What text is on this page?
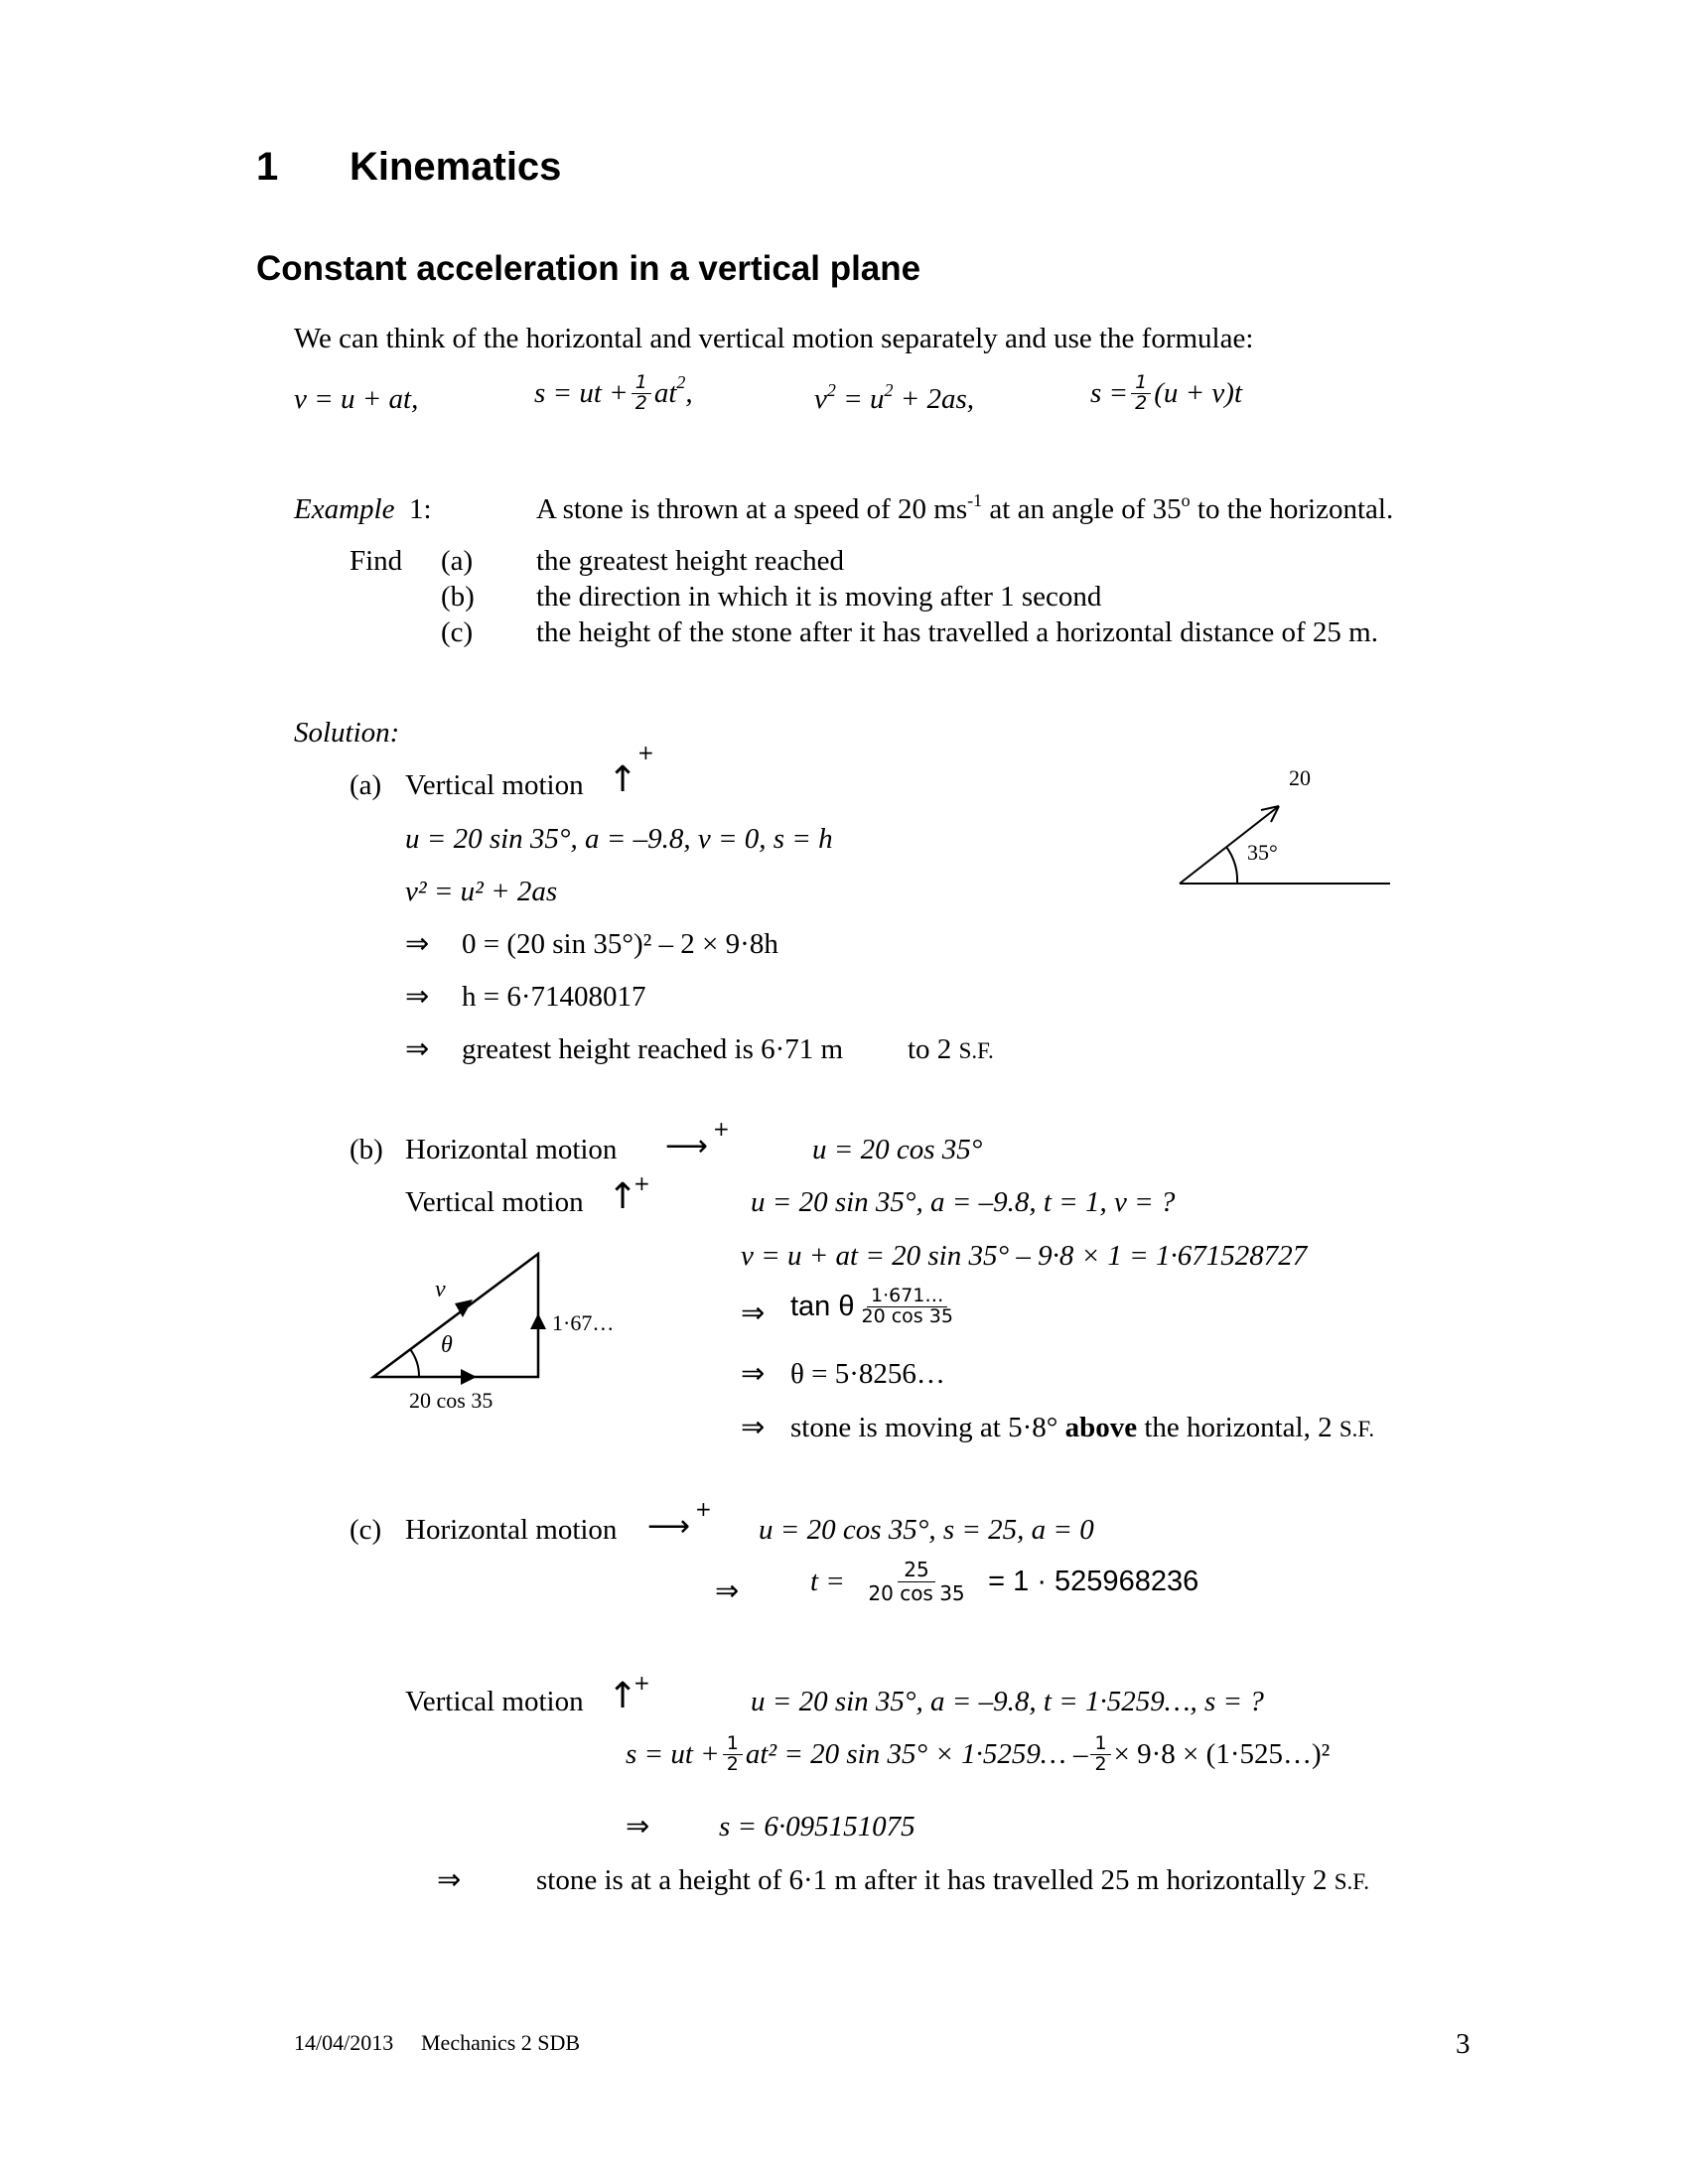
1 Kinematics
Constant acceleration in a vertical plane
We can think of the horizontal and vertical motion separately and use the formulae:
v = u + at,	s = ut + $\frac{1}{2} at^2$,	$v^2 = u^2 + 2as$,	$s = \frac{1}{2} (u + v)t$
Example 1:	A stone is thrown at a speed of 20 $ms^{-1}$ at an angle of 35$^o$ to the horizontal.
Find (a) the greatest height reached
(b) the direction in which it is moving after 1 second
(c) the height of the stone after it has travelled a horizontal distance of 25 m.
Solution:
(a) Vertical motion ↑
+
u = 20 sin 35°, a = –9.8, v = 0, s = h
v² = u² + 2as
⇒ 0 = (20 sin 35°)² – 2 × 9·8h
⇒ h = 6·71408017
⇒ greatest height reached is 6·71 m to 2 S.F.
20
35°
(b) Horizontal motion ⟶ +
u = 20 cos 35°
Vertical motion ↑
+
u = 20 sin 35°, a = –9.8, t = 1, v = ?
v = u + at = 20 sin 35° – 9·8 × 1 = 1·671528727
⇒ tan θ $\frac{1\cdot 671\dots}{20 \cos 35}$
⇒ θ = 5·8256…
⇒ stone is moving at 5·8° above the horizontal, 2 S.F.
v
θ
1·67…
20 cos 35
(c) Horizontal motion ⟶ +
u = 20 cos 35°, s = 25, a = 0
⇒ $t = \frac{25}{20 \cos 35} = 1 \cdot 525968236$
Vertical motion ↑
+
u = 20 sin 35°, a = –9.8, t = 1·5259…, s = ?
s = ut + $\frac{1}{2} at^2 = 20$ sin 35° × 1·5259… – $\frac{1}{2} \times 9\cdot 8$ × (1·525…)²
⇒ s = 6·095151075
⇒	stone is at a height of 6·1 m after it has travelled 25 m horizontally 2 S.F.
14/04/2013 Mechanics 2 SDB	3
